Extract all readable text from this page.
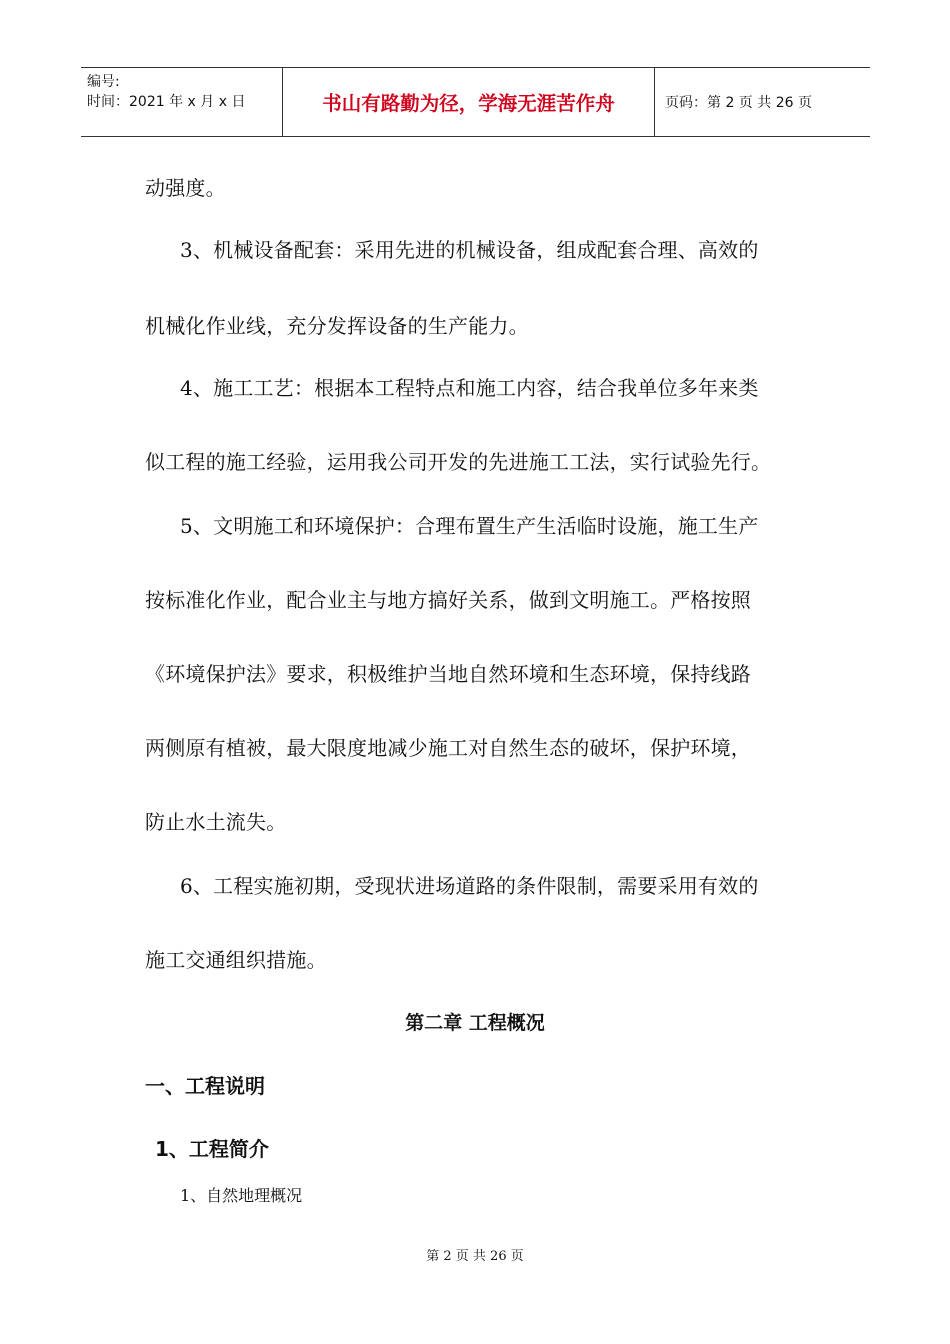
编号:
时间：2021 年 x 月 x 日	书山有路勤为径，学海无涯苦作舟	页码：第 2 页 共 26 页
动强度。
3、机械设备配套：采用先进的机械设备，组成配套合理、高效的
机械化作业线，充分发挥设备的生产能力。
4、施工工艺：根据本工程特点和施工内容，结合我单位多年来类
似工程的施工经验，运用我公司开发的先进施工工法，实行试验先行。
5、文明施工和环境保护：合理布置生产生活临时设施，施工生产
按标准化作业，配合业主与地方搞好关系，做到文明施工。严格按照
《环境保护法》要求，积极维护当地自然环境和生态环境，保持线路
两侧原有植被，最大限度地减少施工对自然生态的破坏，保护环境，
防止水土流失。
6、工程实施初期，受现状进场道路的条件限制，需要采用有效的
施工交通组织措施。
第二章 工程概况
一、工程说明
1、工程简介
1、自然地理概况
第 2 页 共 26 页
